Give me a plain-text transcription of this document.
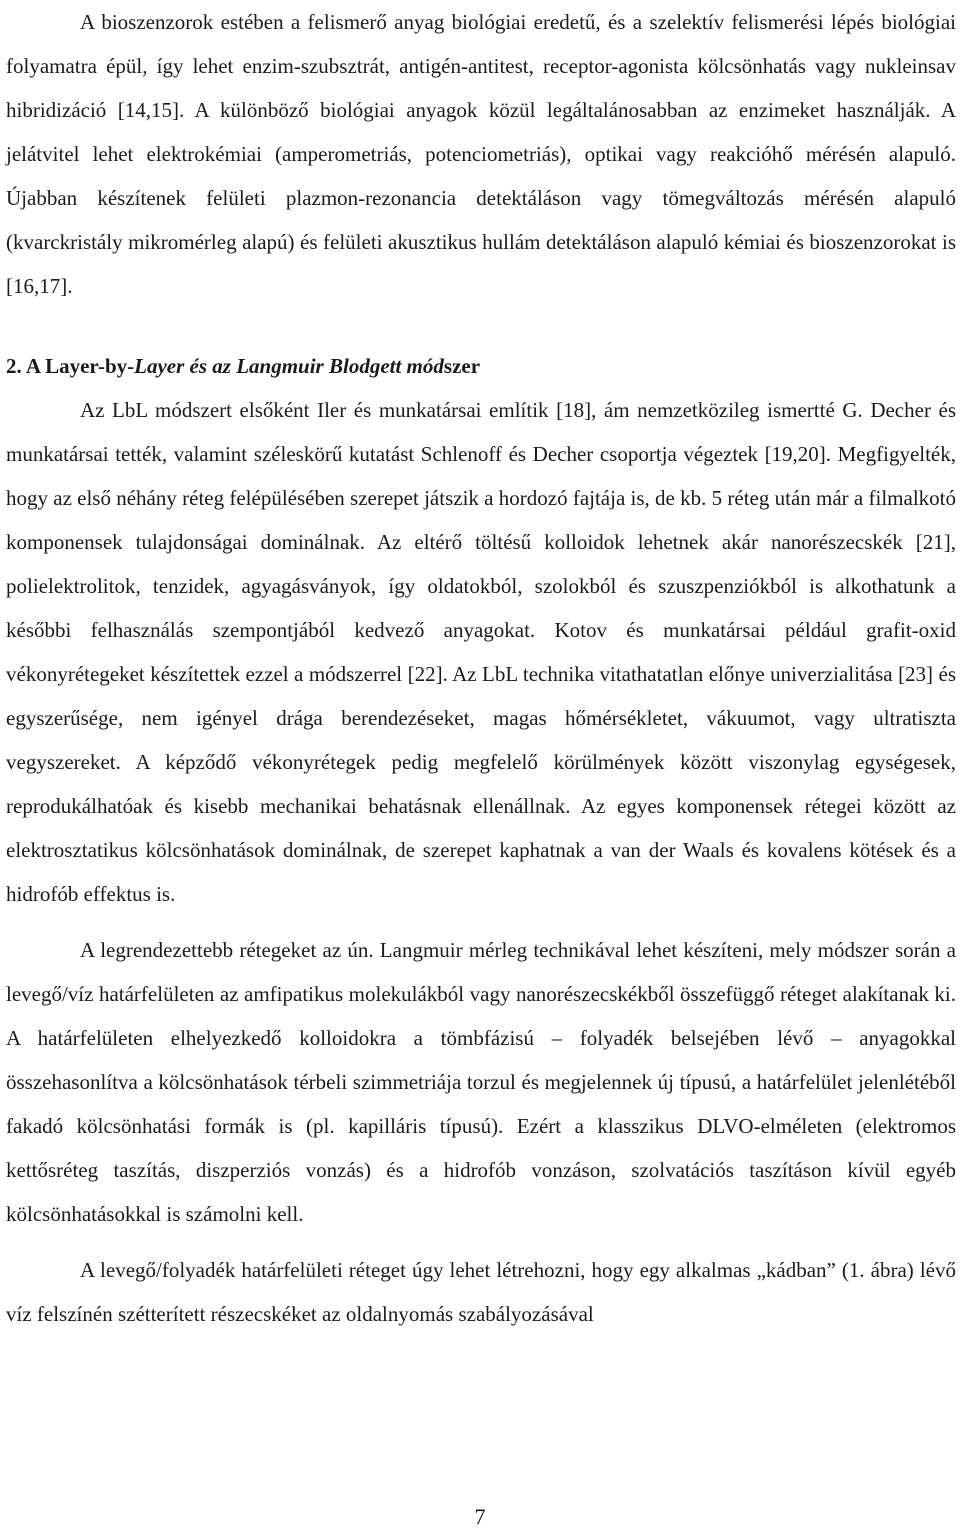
A bioszenzorok estében a felismerő anyag biológiai eredetű, és a szelektív felismerési lépés biológiai folyamatra épül, így lehet enzim-szubsztrát, antigén-antitest, receptor-agonista kölcsönhatás vagy nukleinsav hibridizáció [14,15]. A különböző biológiai anyagok közül legáltalánosabban az enzimeket használják. A jelátvitel lehet elektrokémiai (amperometriás, potenciometriás), optikai vagy reakcióhő mérésén alapuló. Újabban készítenek felületi plazmon-rezonancia detektáláson vagy tömegváltozás mérésén alapuló (kvarckristály mikromérleg alapú) és felületi akusztikus hullám detektáláson alapuló kémiai és bioszenzorokat is [16,17].

2. A Layer-by-Layer és az Langmuir Blodgett módszer

Az LbL módszert elsőként Iler és munkatársai említik [18], ám nemzetközileg ismertté G. Decher és munkatársai tették, valamint széleskörű kutatást Schlenoff és Decher csoportja végeztek [19,20]. Megfigyelték, hogy az első néhány réteg felépülésében szerepet játszik a hordozó fajtája is, de kb. 5 réteg után már a filmalkotó komponensek tulajdonságai dominálnak. Az eltérő töltésű kolloidok lehetnek akár nanorészecskék [21], polielektrolitok, tenzidek, agyagásványok, így oldatokból, szolokból és szuszpenziókból is alkothatunk a későbbi felhasználás szempontjából kedvező anyagokat. Kotov és munkatársai például grafit-oxid vékonyrétegeket készítettek ezzel a módszerrel [22]. Az LbL technika vitathatatlan előnye univerzialitása [23] és egyszerűsége, nem igényel drága berendezéseket, magas hőmérsékletet, vákuumot, vagy ultratiszta vegyszereket. A képződő vékonyrétegek pedig megfelelő körülmények között viszonylag egységesek, reprodukálhatóak és kisebb mechanikai behatásnak ellenállnak. Az egyes komponensek rétegei között az elektrosztatikus kölcsönhatások dominálnak, de szerepet kaphatnak a van der Waals és kovalens kötések és a hidrofób effektus is.

A legrendezettebb rétegeket az ún. Langmuir mérleg technikával lehet készíteni, mely módszer során a levegő/víz határfelületen az amfipatikus molekulákból vagy nanorészecskékből összefüggő réteget alakítanak ki. A határfelületen elhelyezkedő kolloidokra a tömbfázisú – folyadék belsejében lévő – anyagokkal összehasonlítva a kölcsönhatások térbeli szimmetriája torzul és megjelennek új típusú, a határfelület jelenlétéből fakadó kölcsönhatási formák is (pl. kapilláris típusú). Ezért a klasszikus DLVO-elméleten (elektromos kettősréteg taszítás, diszperziós vonzás) és a hidrofób vonzáson, szolvatációs taszításon kívül egyéb kölcsönhatásokkal is számolni kell.

A levegő/folyadék határfelületi réteget úgy lehet létrehozni, hogy egy alkalmas „kádban” (1. ábra) lévő víz felszínén szétterített részecskéket az oldalnyomás szabályozásával

7
